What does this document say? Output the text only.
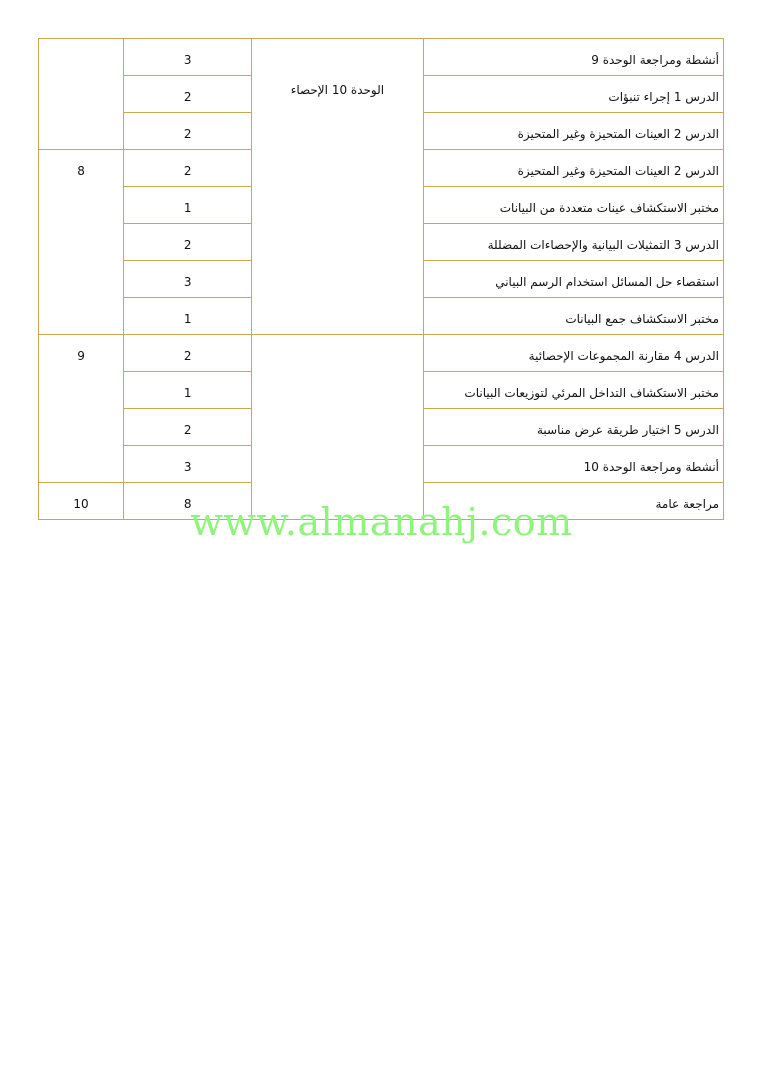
	3	الوحدة 10 الإحصاء	أنشطة ومراجعة الوحدة 9
	2		الدرس 1 إجراء تنبؤات
	2		الدرس 2 العينات المتحيزة وغير المتحيزة
8	2		الدرس 2 العينات المتحيزة وغير المتحيزة
	1		مختبر الاستكشاف عينات متعددة من البيانات
	2		الدرس 3 التمثيلات البيانية والإحصاءات المضللة
	3		استقصاء حل المسائل استخدام الرسم البياني
	1		مختبر الاستكشاف جمع البيانات
9	2		الدرس 4 مقارنة المجموعات الإحصائية
	1		مختبر الاستكشاف التداخل المرئي لتوزيعات البيانات
	2		الدرس 5 اختيار طريقة عرض مناسبة
	3		أنشطة ومراجعة الوحدة 10
10	8		مراجعة عامة
www.almanahj.com
